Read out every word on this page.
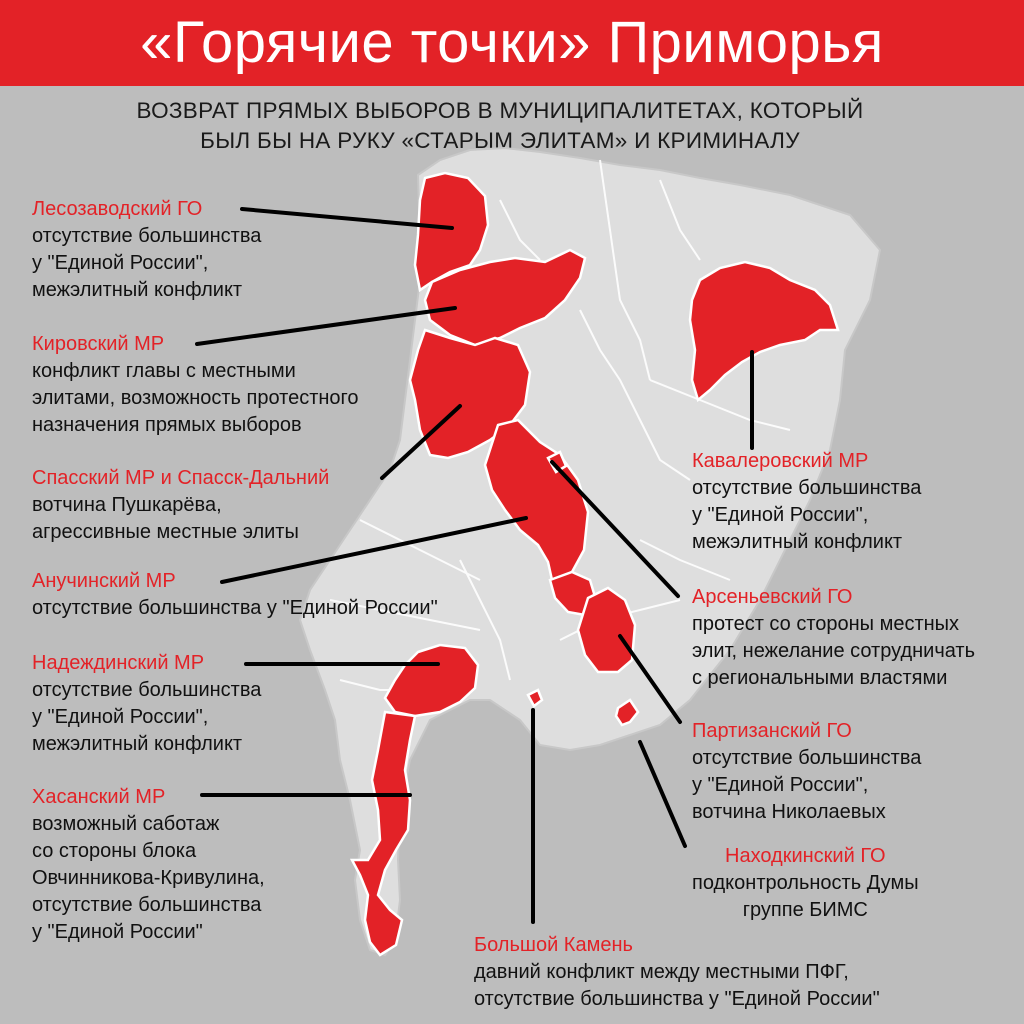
«Горячие точки» Приморья
ВОЗВРАТ ПРЯМЫХ ВЫБОРОВ В МУНИЦИПАЛИТЕТАХ, КОТОРЫЙ
БЫЛ БЫ НА РУКУ «СТАРЫМ ЭЛИТАМ» И КРИМИНАЛУ
Лесозаводский ГО
отсутствие большинства
у "Единой России",
межэлитный конфликт
Кировский МР
конфликт главы с местными
элитами, возможность протестного
назначения прямых выборов
Спасский МР и Спасск-Дальний
вотчина Пушкарёва,
агрессивные местные элиты
Анучинский МР
отсутствие большинства у "Единой России"
Надеждинский МР
отсутствие большинства
у "Единой России",
межэлитный конфликт
Хасанский МР
возможный саботаж
со стороны блока
Овчинникова-Кривулина,
отсутствие большинства
у "Единой России"
Кавалеровский МР
отсутствие большинства
у "Единой России",
межэлитный конфликт
Арсеньевский ГО
протест со стороны местных
элит, нежелание сотрудничать
с региональными властями
Партизанский ГО
отсутствие большинства
у "Единой России",
вотчина Николаевых
Находкинский ГО
подконтрольность Думы
группе БИМС
Большой Камень
давний конфликт между местными ПФГ,
отсутствие большинства у "Единой России"
